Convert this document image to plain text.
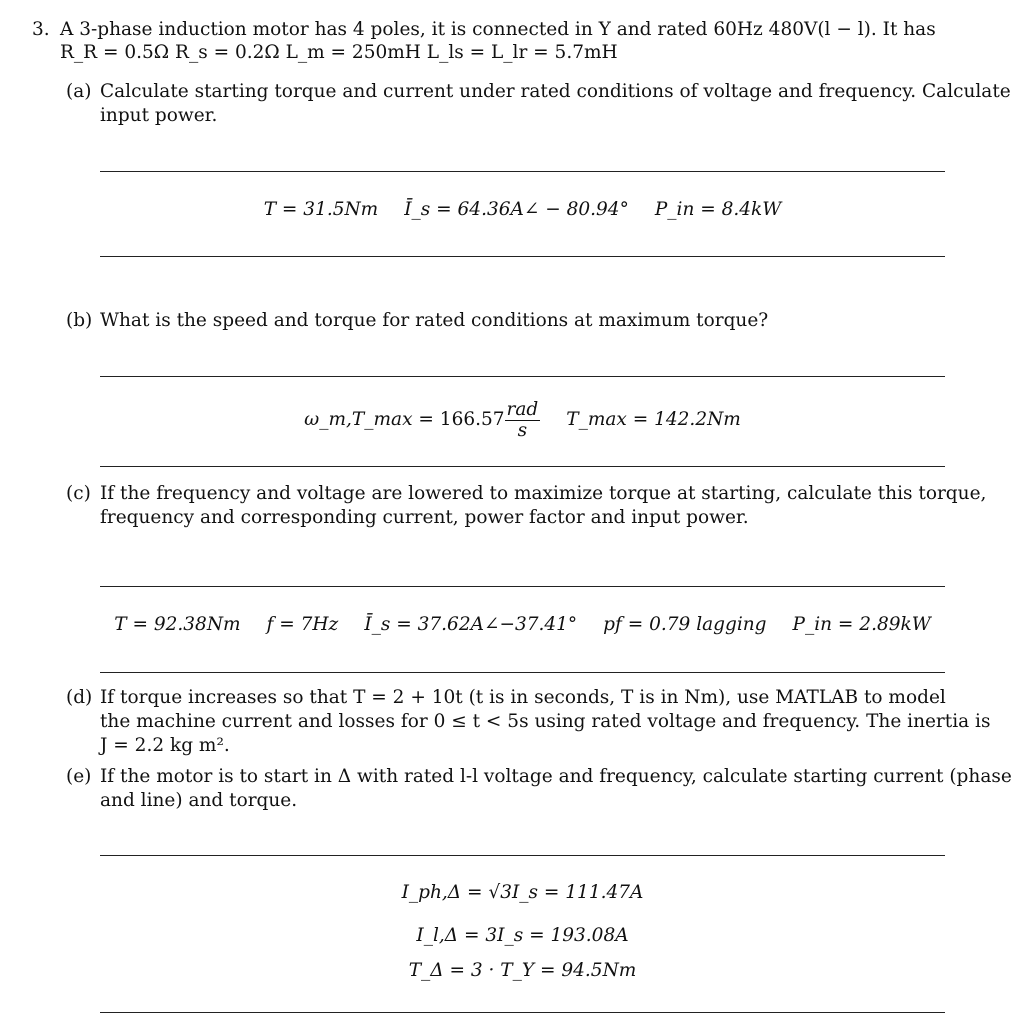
3. A 3-phase induction motor has 4 poles, it is connected in Y and rated 60Hz 480V(l − l). It has
R_R = 0.5Ω R_s = 0.2Ω L_m = 250mH L_ls = L_lr = 5.7mH
(a) Calculate starting torque and current under rated conditions of voltage and frequency. Calculate
input power.
T = 31.5Nm Ī_s = 64.36A∠ − 80.94° P_in = 8.4kW
(b) What is the speed and torque for rated conditions at maximum torque?
ω_m,T_max = $166.57 \frac{\text{rad}}{s}$ T_max = 142.2Nm
(c) If the frequency and voltage are lowered to maximize torque at starting, calculate this torque,
frequency and corresponding current, power factor and input power.
T = 92.38Nm f = 7Hz Ī_s = 37.62A∠−37.41° pf = 0.79 lagging P_in = 2.89kW
(d) If torque increases so that T = 2 + 10t (t is in seconds, T is in Nm), use MATLAB to model
the machine current and losses for 0 ≤ t < 5s using rated voltage and frequency. The inertia is
J = 2.2 kg m².
(e) If the motor is to start in Δ with rated l-l voltage and frequency, calculate starting current (phase
and line) and torque.
I_ph,Δ = √3I_s = 111.47A
I_l,Δ = 3I_s = 193.08A
T_Δ = 3 · T_Y = 94.5Nm
